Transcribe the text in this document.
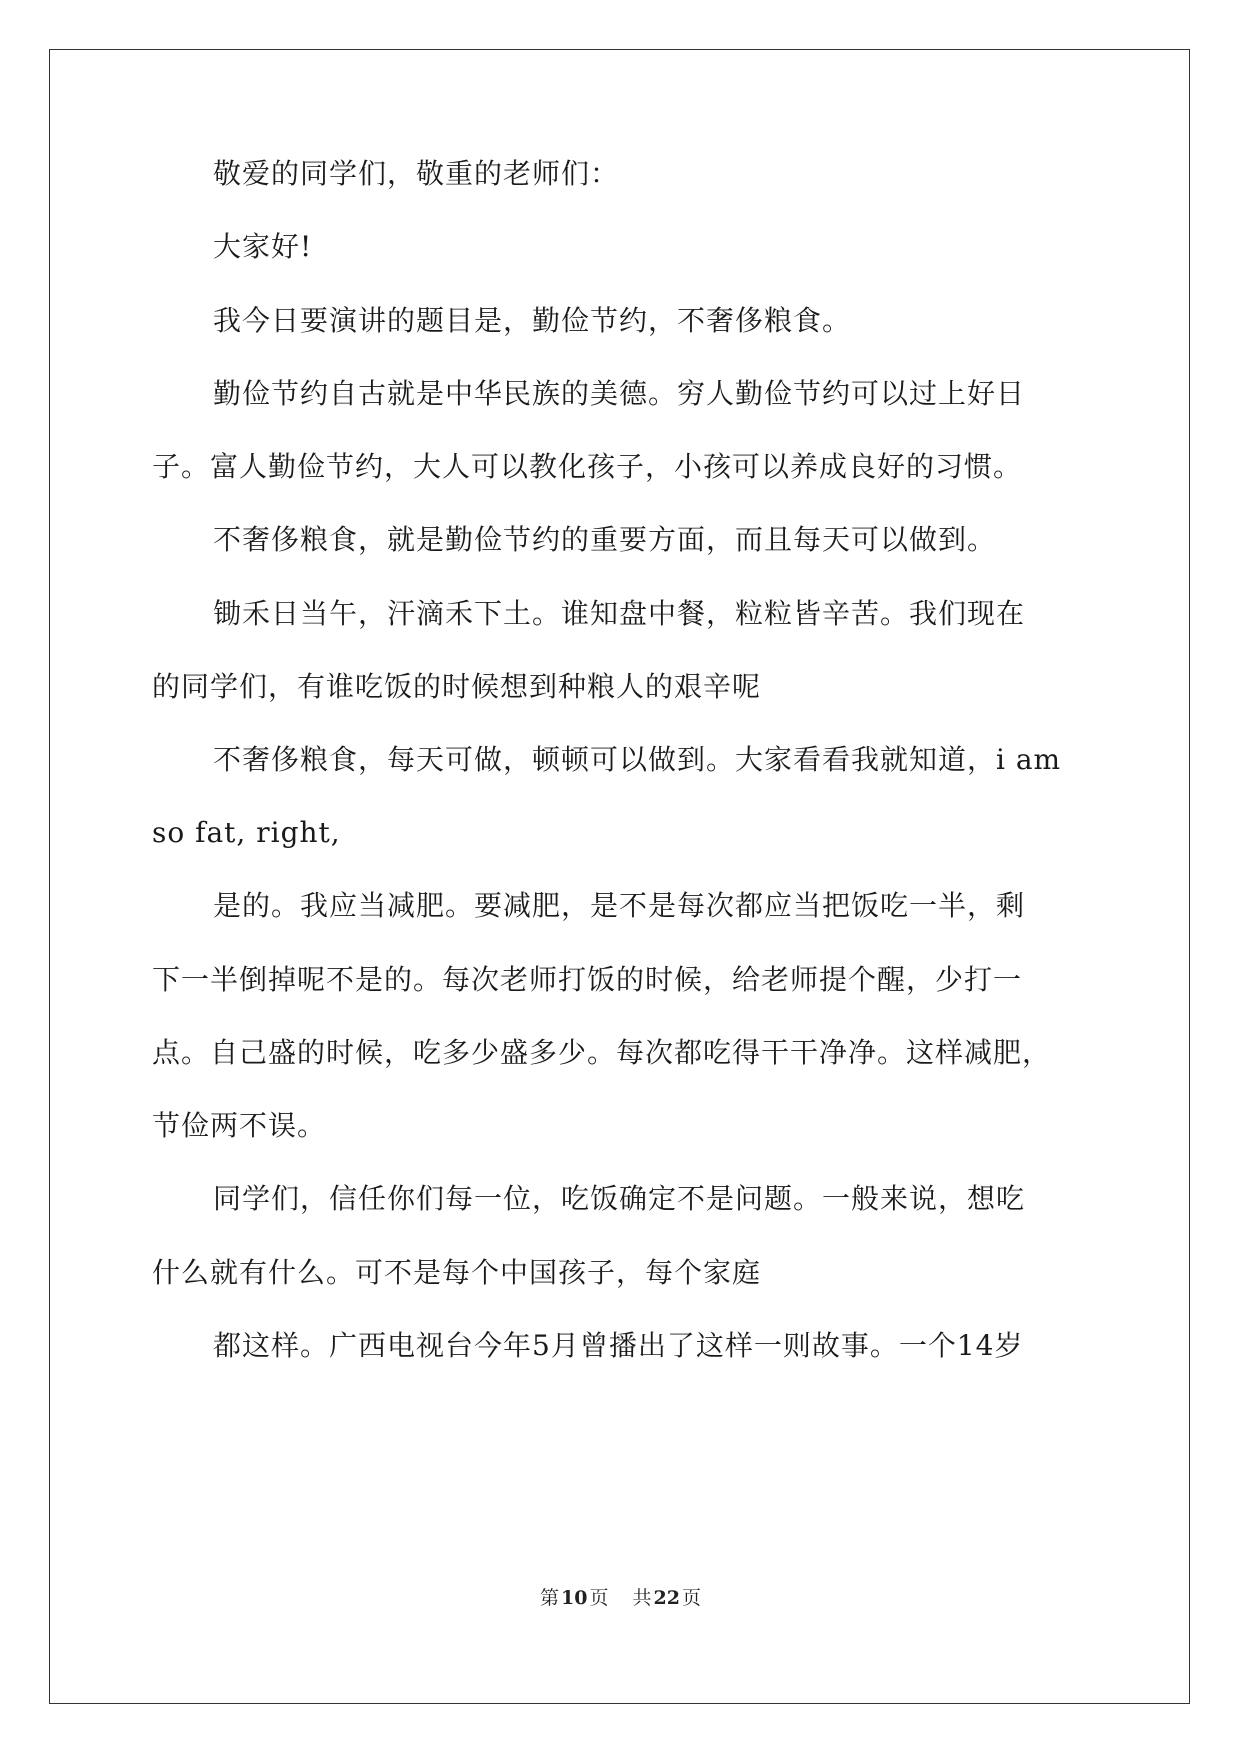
敬爱的同学们，敬重的老师们：
大家好!
我今日要演讲的题目是，勤俭节约，不奢侈粮食。
勤俭节约自古就是中华民族的美德。穷人勤俭节约可以过上好日
子。富人勤俭节约，大人可以教化孩子，小孩可以养成良好的习惯。
不奢侈粮食，就是勤俭节约的重要方面，而且每天可以做到。
锄禾日当午，汗滴禾下土。谁知盘中餐，粒粒皆辛苦。我们现在
的同学们，有谁吃饭的时候想到种粮人的艰辛呢
不奢侈粮食，每天可做，顿顿可以做到。大家看看我就知道，i am
so fat, right,
是的。我应当减肥。要减肥，是不是每次都应当把饭吃一半，剩
下一半倒掉呢不是的。每次老师打饭的时候，给老师提个醒，少打一
点。自己盛的时候，吃多少盛多少。每次都吃得干干净净。这样减肥，
节俭两不误。
同学们，信任你们每一位，吃饭确定不是问题。一般来说，想吃
什么就有什么。可不是每个中国孩子，每个家庭
都这样。广西电视台今年5月曾播出了这样一则故事。一个14岁
第 10 页 共 22 页
